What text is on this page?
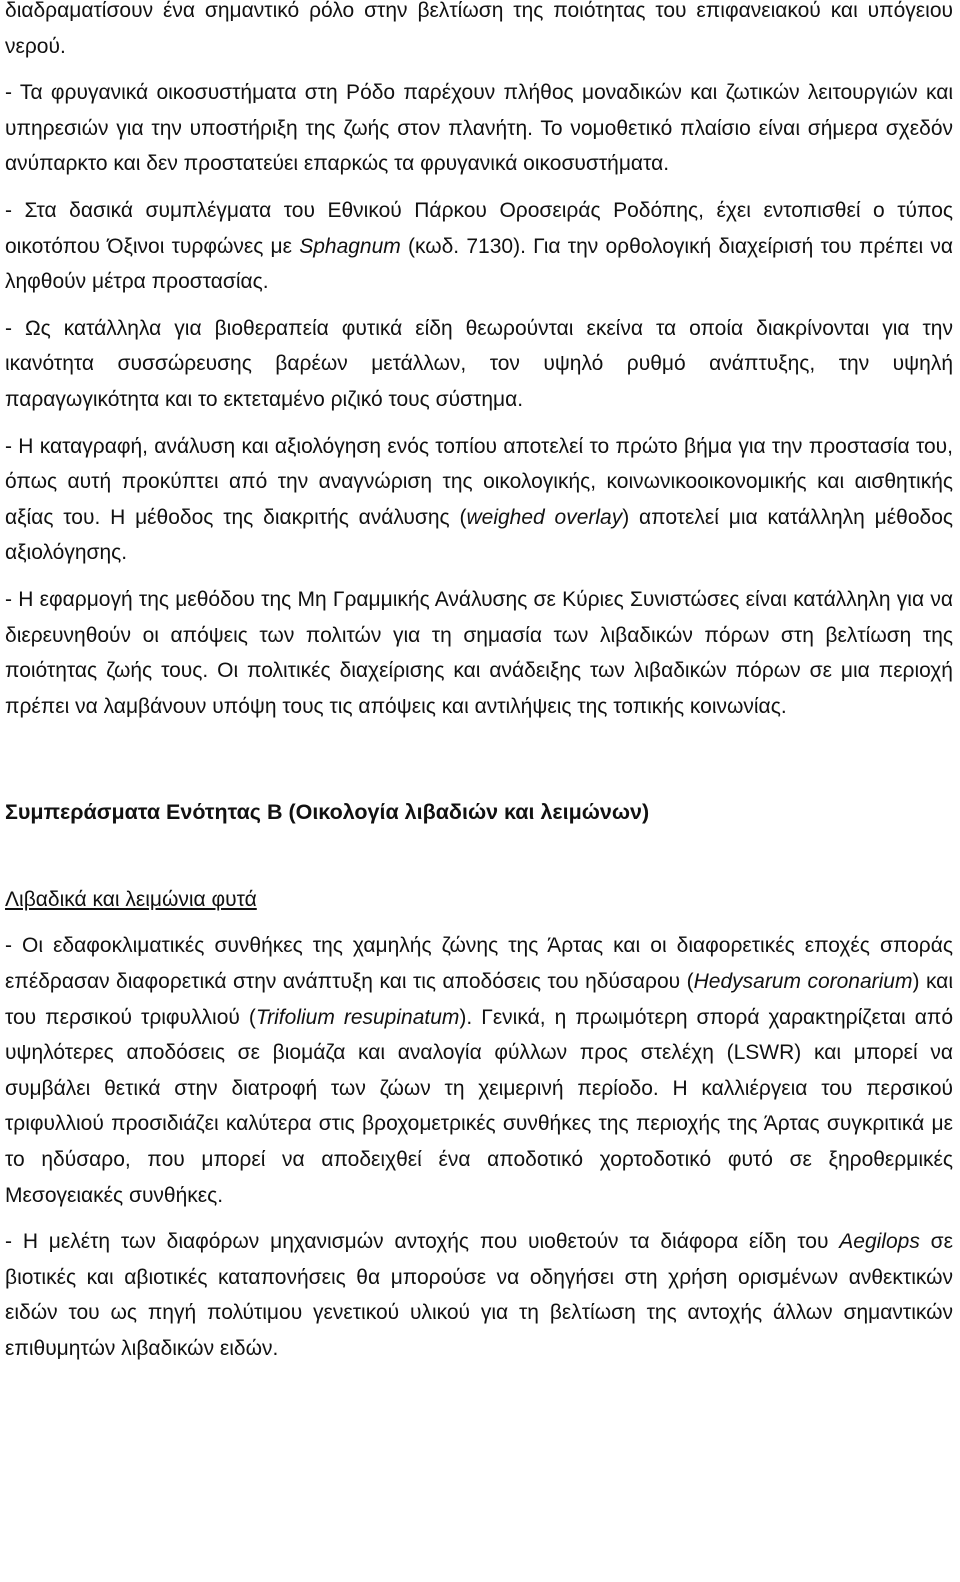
διαδραματίσουν ένα σημαντικό ρόλο στην βελτίωση της ποιότητας του επιφανειακού και υπόγειου νερού.

- Τα φρυγανικά οικοσυστήματα στη Ρόδο παρέχουν πλήθος μοναδικών και ζωτικών λειτουργιών και υπηρεσιών για την υποστήριξη της ζωής στον πλανήτη. Το νομοθετικό πλαίσιο είναι σήμερα σχεδόν ανύπαρκτο και δεν προστατεύει επαρκώς τα φρυγανικά οικοσυστήματα.

- Στα δασικά συμπλέγματα του Εθνικού Πάρκου Οροσειράς Ροδόπης, έχει εντοπισθεί ο τύπος οικοτόπου Όξινοι τυρφώνες με Sphagnum (κωδ. 7130). Για την ορθολογική διαχείρισή του πρέπει να ληφθούν μέτρα προστασίας.

- Ως κατάλληλα για βιοθεραπεία φυτικά είδη θεωρούνται εκείνα τα οποία διακρίνονται για την ικανότητα συσσώρευσης βαρέων μετάλλων, τον υψηλό ρυθμό ανάπτυξης, την υψηλή παραγωγικότητα και το εκτεταμένο ριζικό τους σύστημα.

- Η καταγραφή, ανάλυση και αξιολόγηση ενός τοπίου αποτελεί το πρώτο βήμα για την προστασία του, όπως αυτή προκύπτει από την αναγνώριση της οικολογικής, κοινωνικοοικονομικής και αισθητικής αξίας του. Η μέθοδος της διακριτής ανάλυσης (weighed overlay) αποτελεί μια κατάλληλη μέθοδος αξιολόγησης.

- Η εφαρμογή της μεθόδου της Μη Γραμμικής Ανάλυσης σε Κύριες Συνιστώσες είναι κατάλληλη για να διερευνηθούν οι απόψεις των πολιτών για τη σημασία των λιβαδικών πόρων στη βελτίωση της ποιότητας ζωής τους. Οι πολιτικές διαχείρισης και ανάδειξης των λιβαδικών πόρων σε μια περιοχή πρέπει να λαμβάνουν υπόψη τους τις απόψεις και αντιλήψεις της τοπικής κοινωνίας.

Συμπεράσματα Ενότητας Β (Οικολογία λιβαδιών και λειμώνων)
Λιβαδικά και λειμώνια φυτά

- Οι εδαφοκλιματικές συνθήκες της χαμηλής ζώνης της Άρτας και οι διαφορετικές εποχές σποράς επέδρασαν διαφορετικά στην ανάπτυξη και τις αποδόσεις του ηδύσαρου (Hedysarum coronarium) και του περσικού τριφυλλιού (Trifolium resupinatum). Γενικά, η πρωιμότερη σπορά χαρακτηρίζεται από υψηλότερες αποδόσεις σε βιομάζα και αναλογία φύλλων προς στελέχη (LSWR) και μπορεί να συμβάλει θετικά στην διατροφή των ζώων τη χειμερινή περίοδο. Η καλλιέργεια του περσικού τριφυλλιού προσιδιάζει καλύτερα στις βροχομετρικές συνθήκες της περιοχής της Άρτας συγκριτικά με το ηδύσαρο, που μπορεί να αποδειχθεί ένα αποδοτικό χορτοδοτικό φυτό σε ξηροθερμικές Μεσογειακές συνθήκες.

- Η μελέτη των διαφόρων μηχανισμών αντοχής που υιοθετούν τα διάφορα είδη του Aegilops σε βιοτικές και αβιοτικές καταπονήσεις θα μπορούσε να οδηγήσει στη χρήση ορισμένων ανθεκτικών ειδών του ως πηγή πολύτιμου γενετικού υλικού για τη βελτίωση της αντοχής άλλων σημαντικών επιθυμητών λιβαδικών ειδών.
